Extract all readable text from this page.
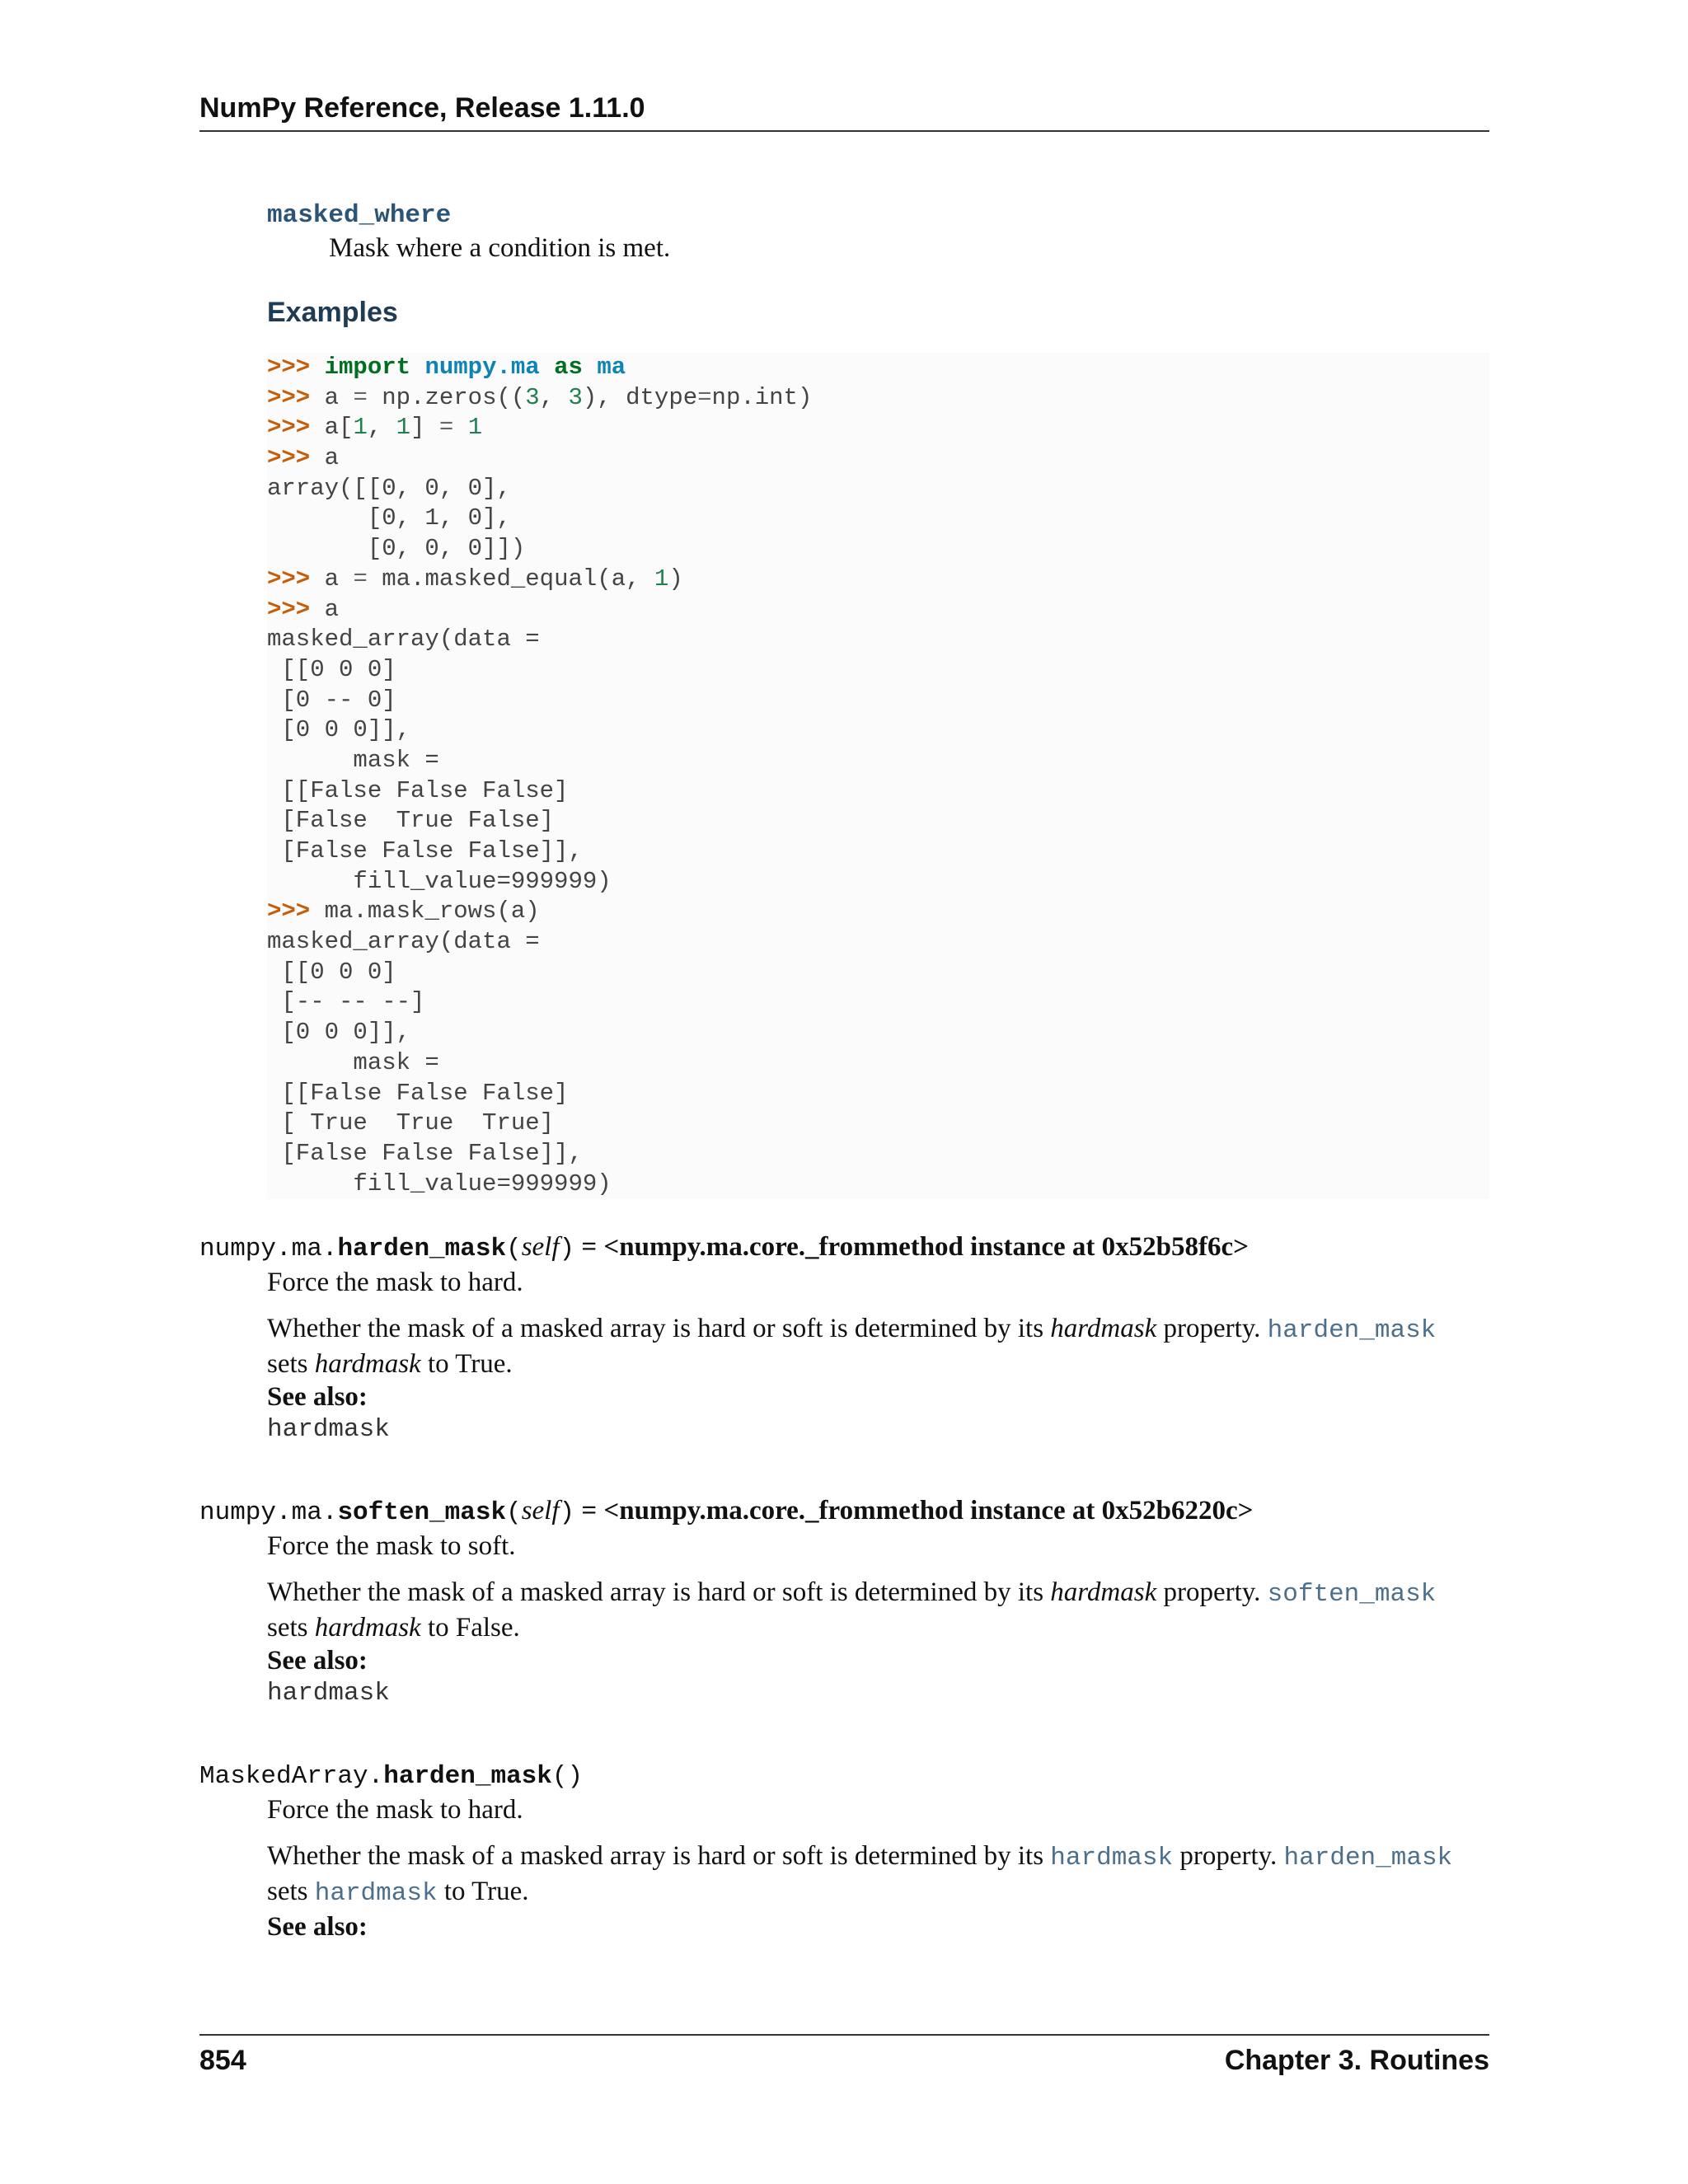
NumPy Reference, Release 1.11.0
masked_where
Mask where a condition is met.
Examples
>>> import numpy.ma as ma
>>> a = np.zeros((3, 3), dtype=np.int)
>>> a[1, 1] = 1
>>> a
array([[0, 0, 0],
[0, 1, 0],
[0, 0, 0]])
>>> a = ma.masked_equal(a, 1)
>>> a
masked_array(data =
[[0 0 0]
[0 -- 0]
[0 0 0]],
mask =
[[False False False]
[False  True False]
[False False False]],
fill_value=999999)
>>> ma.mask_rows(a)
masked_array(data =
[[0 0 0]
[-- -- --]
[0 0 0]],
mask =
[[False False False]
[ True  True  True]
[False False False]],
fill_value=999999)
numpy.ma.harden_mask(self) = <numpy.ma.core._frommethod instance at 0x52b58f6c>

Force the mask to hard.

Whether the mask of a masked array is hard or soft is determined by its hardmask property. harden_mask
sets hardmask to True.

See also:

hardmask

numpy.ma.soften_mask(self) = <numpy.ma.core._frommethod instance at 0x52b6220c>

Force the mask to soft.

Whether the mask of a masked array is hard or soft is determined by its hardmask property. soften_mask
sets hardmask to False.

See also:

hardmask

MaskedArray.harden_mask()

Force the mask to hard.

Whether the mask of a masked array is hard or soft is determined by its hardmask property. harden_mask
sets hardmask to True.

See also:

854	Chapter 3. Routines
